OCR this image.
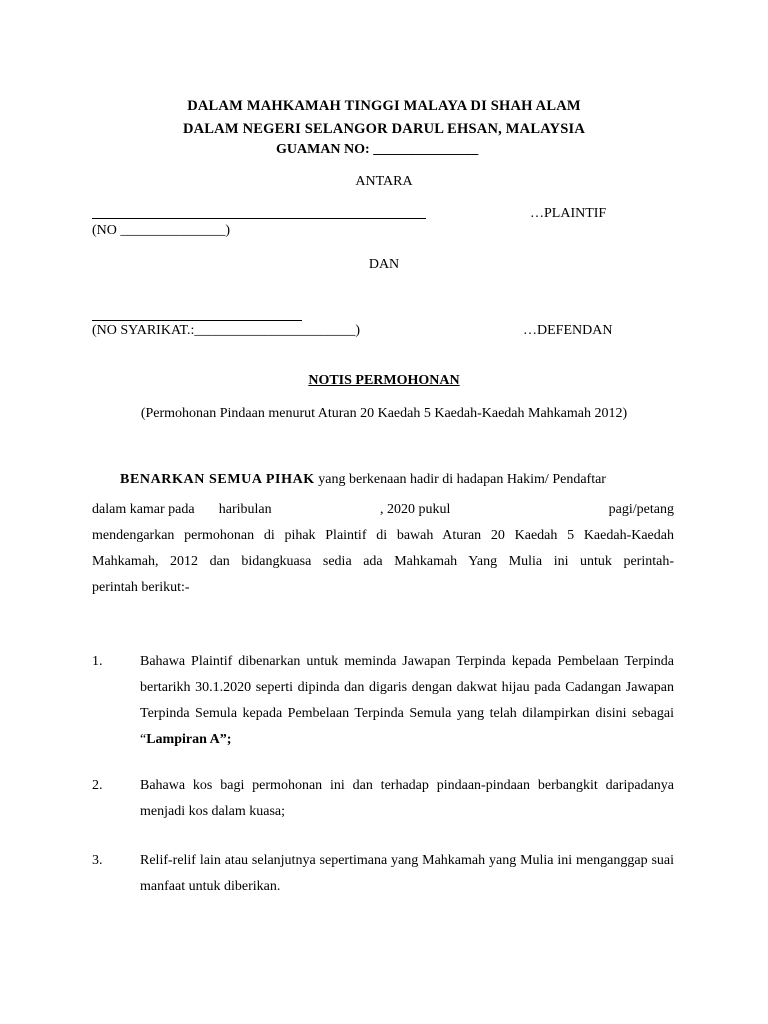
DALAM MAHKAMAH TINGGI MALAYA DI SHAH ALAM
DALAM NEGERI SELANGOR DARUL EHSAN, MALAYSIA
GUAMAN NO: _______________
ANTARA
…PLAINTIF
(NO _______________)
DAN
(NO SYARIKAT.:_______________________)	…DEFENDAN
NOTIS PERMOHONAN
(Permohonan Pindaan menurut Aturan 20 Kaedah 5 Kaedah-Kaedah Mahkamah 2012)
BENARKAN SEMUA PIHAK yang berkenaan hadir di hadapan Hakim/ Pendaftar
dalam kamar pada haribulan	, 2020 pukul	pagi/petang
mendengarkan permohonan di pihak Plaintif di bawah Aturan 20 Kaedah 5 Kaedah-Kaedah
Mahkamah, 2012 dan bidangkuasa sedia ada Mahkamah Yang Mulia ini untuk perintah-
perintah berikut:-
1.	Bahawa Plaintif dibenarkan untuk meminda Jawapan Terpinda kepada Pembelaan Terpinda bertarikh 30.1.2020 seperti dipinda dan digaris dengan dakwat hijau pada Cadangan Jawapan Terpinda Semula kepada Pembelaan Terpinda Semula yang telah dilampirkan disini sebagai “Lampiran A”;
2.	Bahawa kos bagi permohonan ini dan terhadap pindaan-pindaan berbangkit daripadanya menjadi kos dalam kuasa;
3.	Relif-relif lain atau selanjutnya sepertimana yang Mahkamah yang Mulia ini menganggap suai manfaat untuk diberikan.
